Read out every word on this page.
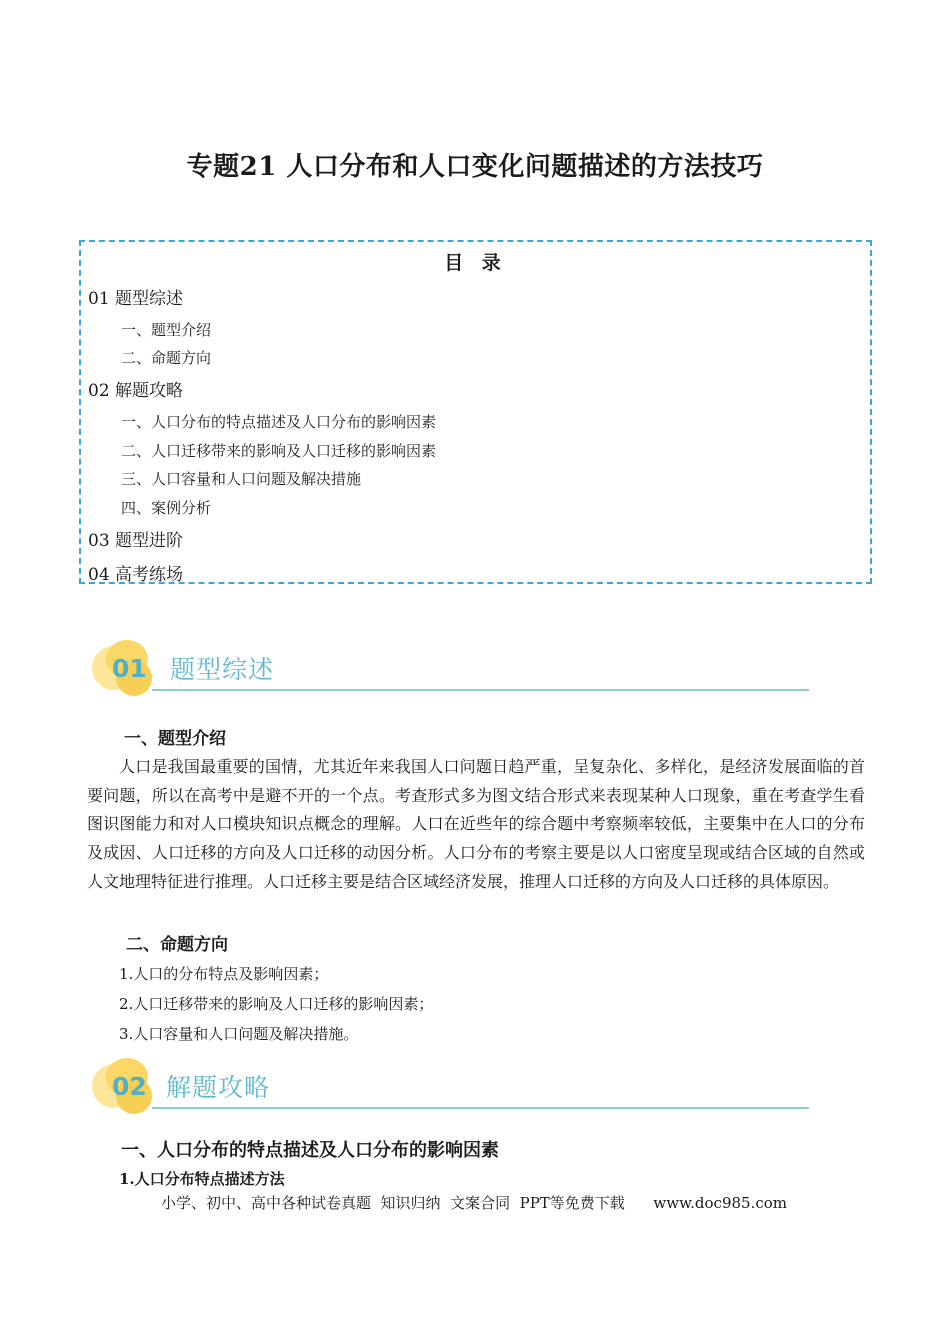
专题21 人口分布和人口变化问题描述的方法技巧
目 录
01 题型综述
一、题型介绍
二、命题方向
02 解题攻略
一、人口分布的特点描述及人口分布的影响因素
二、人口迁移带来的影响及人口迁移的影响因素
三、人口容量和人口问题及解决措施
四、案例分析
03 题型进阶
04 高考练场
01 题型综述
一、题型介绍
人口是我国最重要的国情，尤其近年来我国人口问题日趋严重，呈复杂化、多样化，是经济发展面临的首要问题，所以在高考中是避不开的一个点。考查形式多为图文结合形式来表现某种人口现象，重在考查学生看图识图能力和对人口模块知识点概念的理解。人口在近些年的综合题中考察频率较低，主要集中在人口的分布及成因、人口迁移的方向及人口迁移的动因分析。人口分布的考察主要是以人口密度呈现或结合区域的自然或人文地理特征进行推理。人口迁移主要是结合区域经济发展，推理人口迁移的方向及人口迁移的具体原因。
二、命题方向
1.人口的分布特点及影响因素；
2.人口迁移带来的影响及人口迁移的影响因素；
3.人口容量和人口问题及解决措施。
02 解题攻略
一、人口分布的特点描述及人口分布的影响因素
1.人口分布特点描述方法
小学、初中、高中各种试卷真题  知识归纳  文案合同  PPT等免费下载 www.doc985.com
